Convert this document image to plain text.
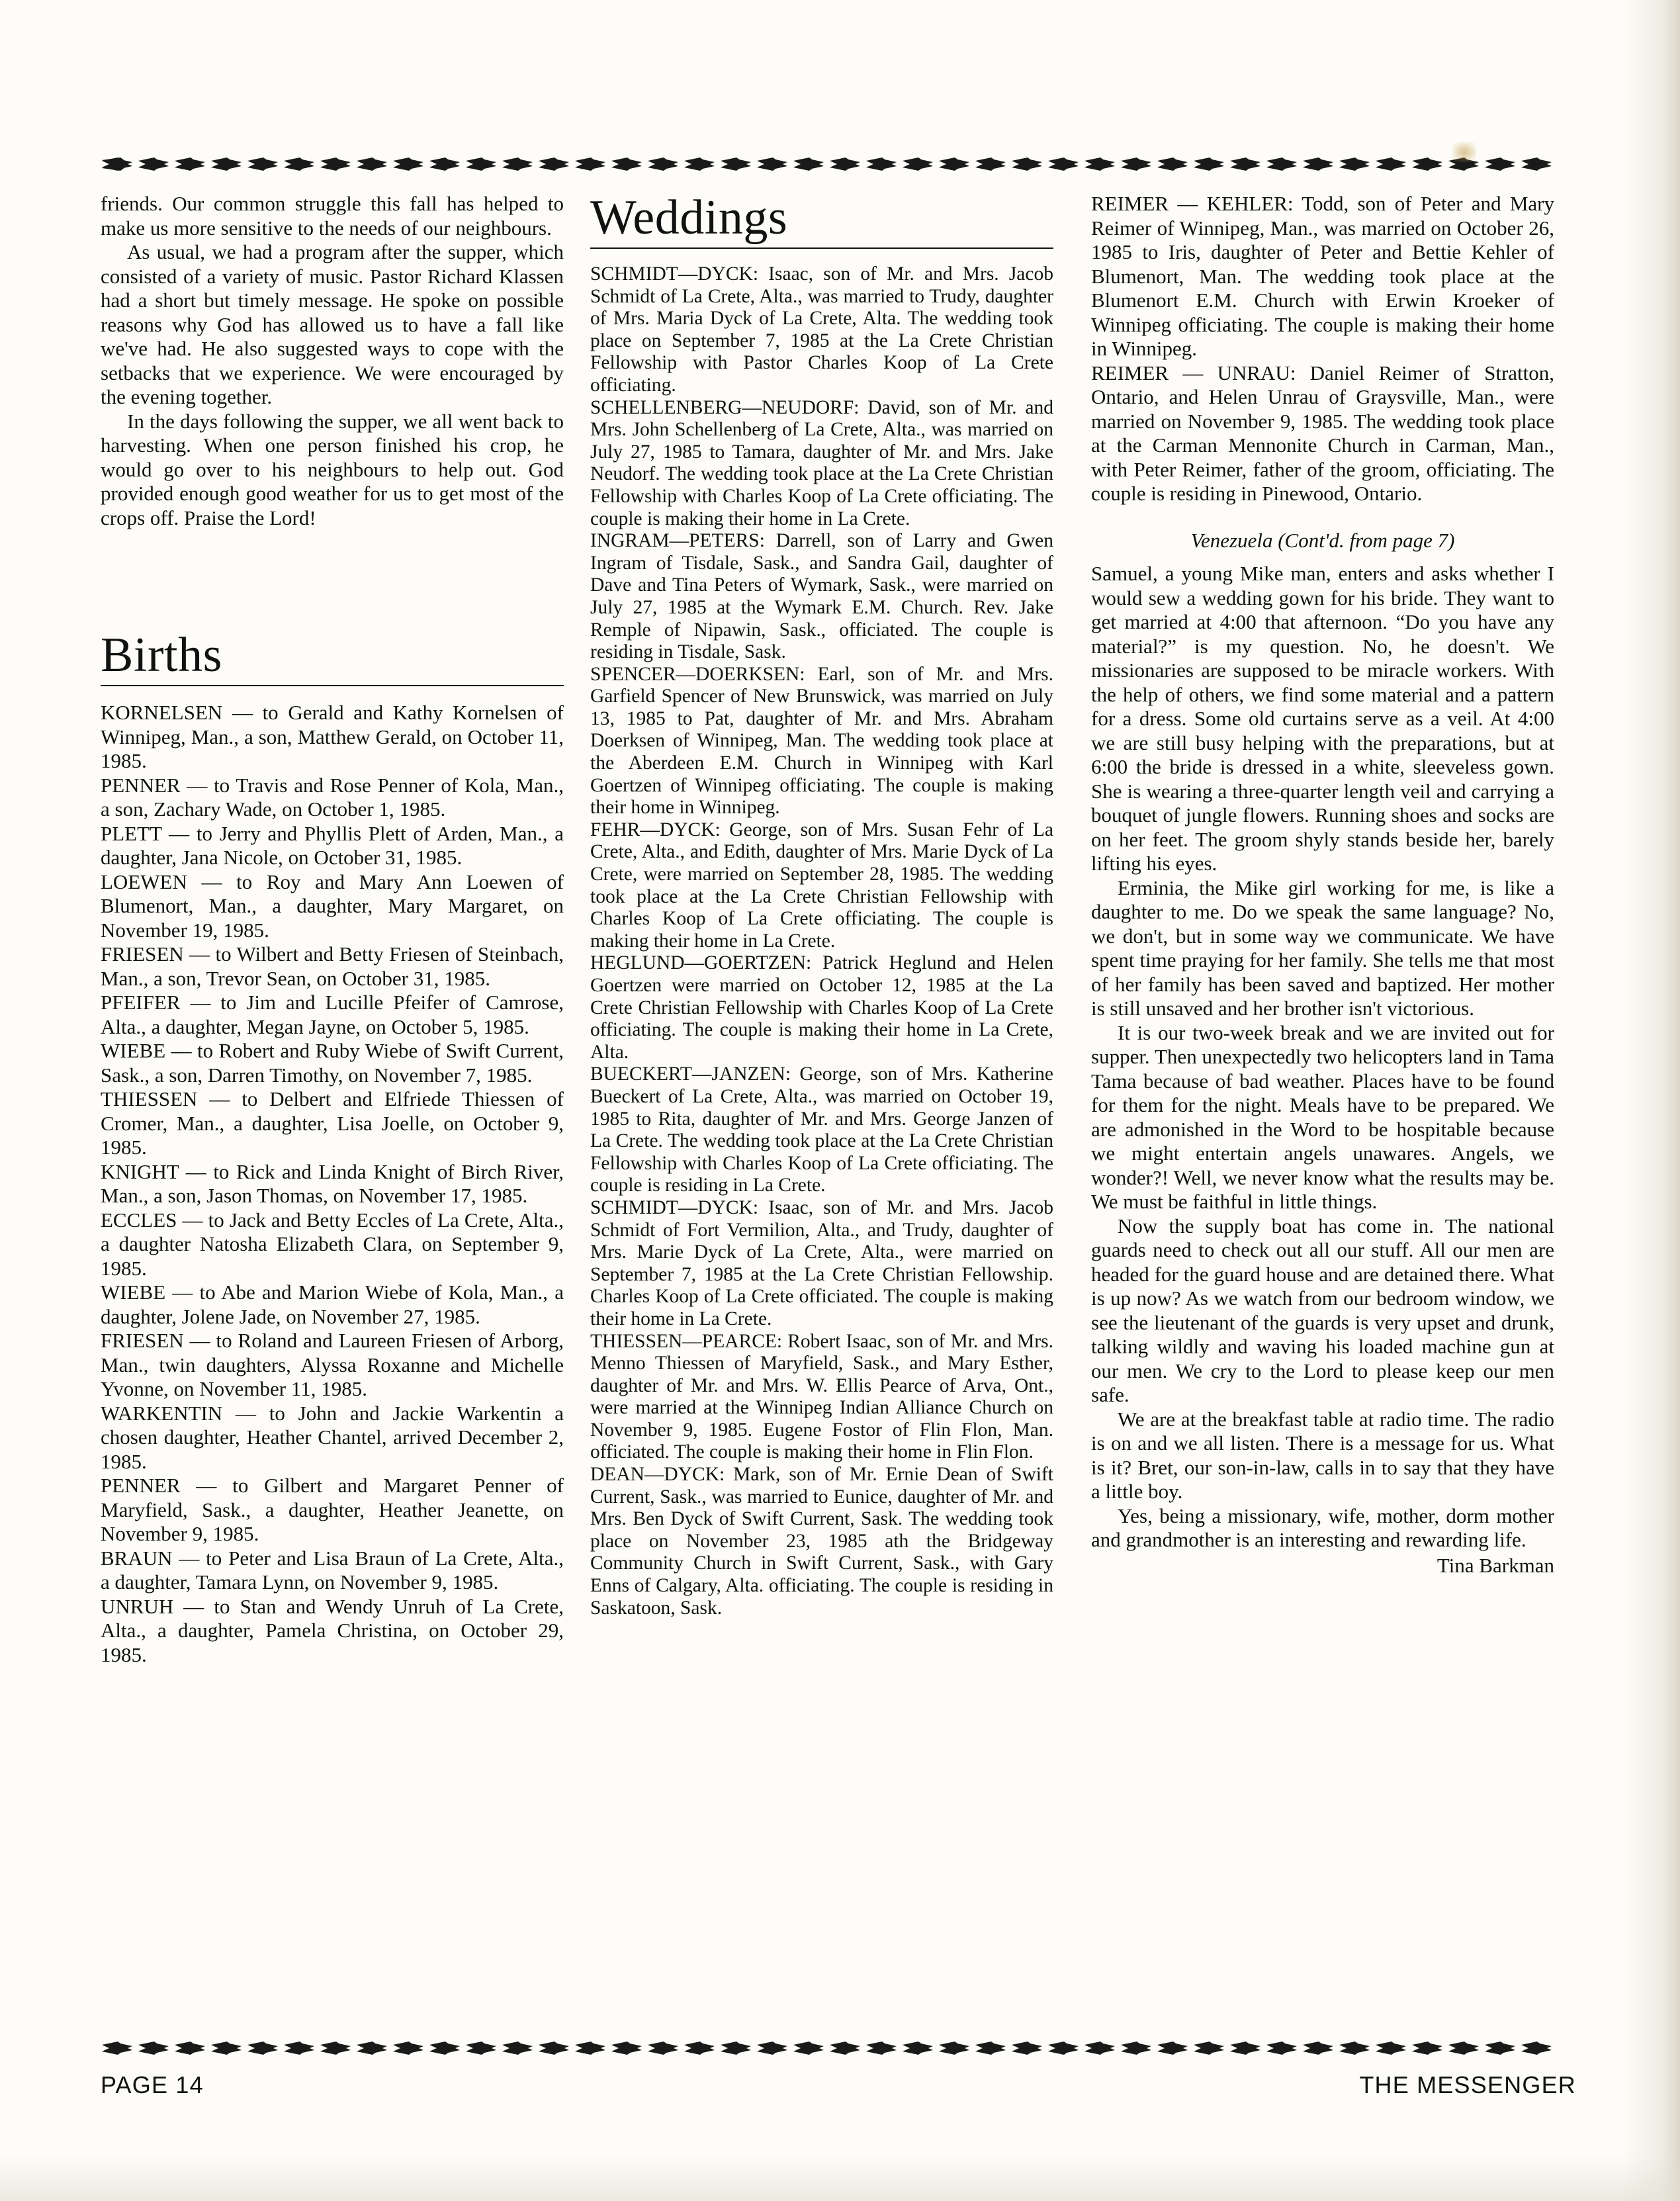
friends. Our common struggle this fall has helped to make us more sensitive to the needs of our neighbours.

As usual, we had a program after the supper, which consisted of a variety of music. Pastor Richard Klassen had a short but timely message. He spoke on possible reasons why God has allowed us to have a fall like we've had. He also suggested ways to cope with the setbacks that we experience. We were encouraged by the evening together.

In the days following the supper, we all went back to harvesting. When one person finished his crop, he would go over to his neighbours to help out. God provided enough good weather for us to get most of the crops off. Praise the Lord!

Births

KORNELSEN — to Gerald and Kathy Kornelsen of Winnipeg, Man., a son, Matthew Gerald, on October 11, 1985.

PENNER — to Travis and Rose Penner of Kola, Man., a son, Zachary Wade, on October 1, 1985.

PLETT — to Jerry and Phyllis Plett of Arden, Man., a daughter, Jana Nicole, on October 31, 1985.

LOEWEN — to Roy and Mary Ann Loewen of Blumenort, Man., a daughter, Mary Margaret, on November 19, 1985.

FRIESEN — to Wilbert and Betty Friesen of Steinbach, Man., a son, Trevor Sean, on October 31, 1985.

PFEIFER — to Jim and Lucille Pfeifer of Camrose, Alta., a daughter, Megan Jayne, on October 5, 1985.

WIEBE — to Robert and Ruby Wiebe of Swift Current, Sask., a son, Darren Timothy, on November 7, 1985.

THIESSEN — to Delbert and Elfriede Thiessen of Cromer, Man., a daughter, Lisa Joelle, on October 9, 1985.

KNIGHT — to Rick and Linda Knight of Birch River, Man., a son, Jason Thomas, on November 17, 1985.

ECCLES — to Jack and Betty Eccles of La Crete, Alta., a daughter Natosha Elizabeth Clara, on September 9, 1985.

WIEBE — to Abe and Marion Wiebe of Kola, Man., a daughter, Jolene Jade, on November 27, 1985.

FRIESEN — to Roland and Laureen Friesen of Arborg, Man., twin daughters, Alyssa Roxanne and Michelle Yvonne, on November 11, 1985.

WARKENTIN — to John and Jackie Warkentin a chosen daughter, Heather Chantel, arrived December 2, 1985.

PENNER — to Gilbert and Margaret Penner of Maryfield, Sask., a daughter, Heather Jeanette, on November 9, 1985.

BRAUN — to Peter and Lisa Braun of La Crete, Alta., a daughter, Tamara Lynn, on November 9, 1985.

UNRUH — to Stan and Wendy Unruh of La Crete, Alta., a daughter, Pamela Christina, on October 29, 1985.

Weddings

SCHMIDT—DYCK: Isaac, son of Mr. and Mrs. Jacob Schmidt of La Crete, Alta., was married to Trudy, daughter of Mrs. Maria Dyck of La Crete, Alta. The wedding took place on September 7, 1985 at the La Crete Christian Fellowship with Pastor Charles Koop of La Crete officiating.

SCHELLENBERG—NEUDORF: David, son of Mr. and Mrs. John Schellenberg of La Crete, Alta., was married on July 27, 1985 to Tamara, daughter of Mr. and Mrs. Jake Neudorf. The wedding took place at the La Crete Christian Fellowship with Charles Koop of La Crete officiating. The couple is making their home in La Crete.

INGRAM—PETERS: Darrell, son of Larry and Gwen Ingram of Tisdale, Sask., and Sandra Gail, daughter of Dave and Tina Peters of Wymark, Sask., were married on July 27, 1985 at the Wymark E.M. Church. Rev. Jake Remple of Nipawin, Sask., officiated. The couple is residing in Tisdale, Sask.

SPENCER—DOERKSEN: Earl, son of Mr. and Mrs. Garfield Spencer of New Brunswick, was married on July 13, 1985 to Pat, daughter of Mr. and Mrs. Abraham Doerksen of Winnipeg, Man. The wedding took place at the Aberdeen E.M. Church in Winnipeg with Karl Goertzen of Winnipeg officiating. The couple is making their home in Winnipeg.

FEHR—DYCK: George, son of Mrs. Susan Fehr of La Crete, Alta., and Edith, daughter of Mrs. Marie Dyck of La Crete, were married on September 28, 1985. The wedding took place at the La Crete Christian Fellowship with Charles Koop of La Crete officiating. The couple is making their home in La Crete.

HEGLUND—GOERTZEN: Patrick Heglund and Helen Goertzen were married on October 12, 1985 at the La Crete Christian Fellowship with Charles Koop of La Crete officiating. The couple is making their home in La Crete, Alta.

BUECKERT—JANZEN: George, son of Mrs. Katherine Bueckert of La Crete, Alta., was married on October 19, 1985 to Rita, daughter of Mr. and Mrs. George Janzen of La Crete. The wedding took place at the La Crete Christian Fellowship with Charles Koop of La Crete officiating. The couple is residing in La Crete.

SCHMIDT—DYCK: Isaac, son of Mr. and Mrs. Jacob Schmidt of Fort Vermilion, Alta., and Trudy, daughter of Mrs. Marie Dyck of La Crete, Alta., were married on September 7, 1985 at the La Crete Christian Fellowship. Charles Koop of La Crete officiated. The couple is making their home in La Crete.

THIESSEN—PEARCE: Robert Isaac, son of Mr. and Mrs. Menno Thiessen of Maryfield, Sask., and Mary Esther, daughter of Mr. and Mrs. W. Ellis Pearce of Arva, Ont., were married at the Winnipeg Indian Alliance Church on November 9, 1985. Eugene Fostor of Flin Flon, Man. officiated. The couple is making their home in Flin Flon.

DEAN—DYCK: Mark, son of Mr. Ernie Dean of Swift Current, Sask., was married to Eunice, daughter of Mr. and Mrs. Ben Dyck of Swift Current, Sask. The wedding took place on November 23, 1985 ath the Bridgeway Community Church in Swift Current, Sask., with Gary Enns of Calgary, Alta. officiating. The couple is residing in Saskatoon, Sask.

REIMER — KEHLER: Todd, son of Peter and Mary Reimer of Winnipeg, Man., was married on October 26, 1985 to Iris, daughter of Peter and Bettie Kehler of Blumenort, Man. The wedding took place at the Blumenort E.M. Church with Erwin Kroeker of Winnipeg officiating. The couple is making their home in Winnipeg.

REIMER — UNRAU: Daniel Reimer of Stratton, Ontario, and Helen Unrau of Graysville, Man., were married on November 9, 1985. The wedding took place at the Carman Mennonite Church in Carman, Man., with Peter Reimer, father of the groom, officiating. The couple is residing in Pinewood, Ontario.

Venezuela (Cont'd. from page 7)

Samuel, a young Mike man, enters and asks whether I would sew a wedding gown for his bride. They want to get married at 4:00 that afternoon. “Do you have any material?” is my question. No, he doesn't. We missionaries are supposed to be miracle workers. With the help of others, we find some material and a pattern for a dress. Some old curtains serve as a veil. At 4:00 we are still busy helping with the preparations, but at 6:00 the bride is dressed in a white, sleeveless gown. She is wearing a three-quarter length veil and carrying a bouquet of jungle flowers. Running shoes and socks are on her feet. The groom shyly stands beside her, barely lifting his eyes.

Erminia, the Mike girl working for me, is like a daughter to me. Do we speak the same language? No, we don't, but in some way we communicate. We have spent time praying for her family. She tells me that most of her family has been saved and baptized. Her mother is still unsaved and her brother isn't victorious.

It is our two-week break and we are invited out for supper. Then unexpectedly two helicopters land in Tama Tama because of bad weather. Places have to be found for them for the night. Meals have to be prepared. We are admonished in the Word to be hospitable because we might entertain angels unawares. Angels, we wonder?! Well, we never know what the results may be. We must be faithful in little things.

Now the supply boat has come in. The national guards need to check out all our stuff. All our men are headed for the guard house and are detained there. What is up now? As we watch from our bedroom window, we see the lieutenant of the guards is very upset and drunk, talking wildly and waving his loaded machine gun at our men. We cry to the Lord to please keep our men safe.

We are at the breakfast table at radio time. The radio is on and we all listen. There is a message for us. What is it? Bret, our son-in-law, calls in to say that they have a little boy.

Yes, being a missionary, wife, mother, dorm mother and grandmother is an interesting and rewarding life.

Tina Barkman

PAGE 14	THE MESSENGER
